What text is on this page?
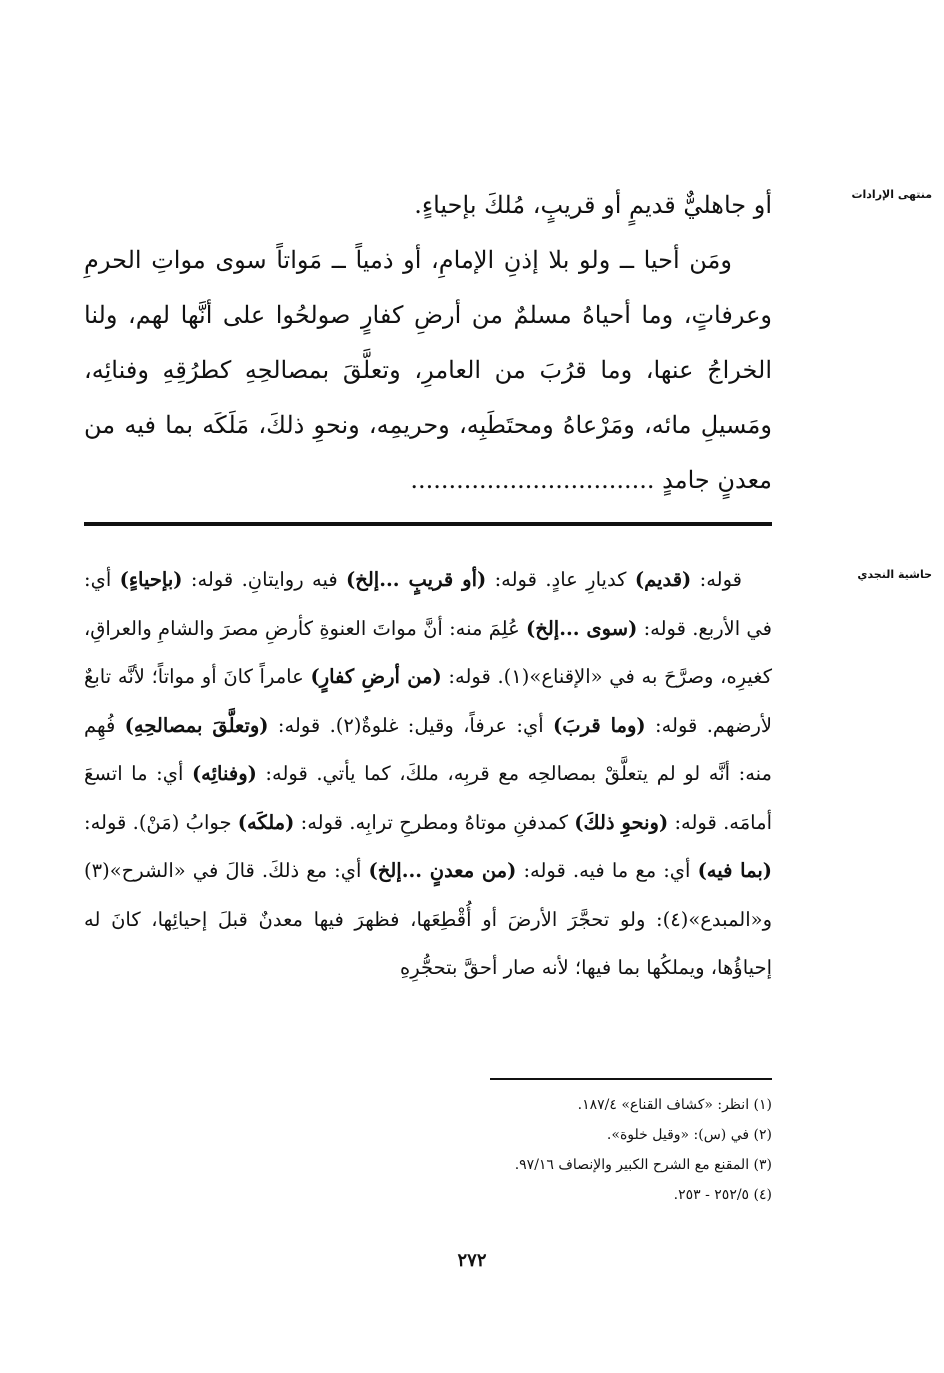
منتهى الإرادات
حاشية النجدي

أو جاهليٌّ قديمٍ أو قريبٍ، مُلكَ بإحياءٍ.

ومَن أحيا ــ ولو بلا إذنِ الإمامِ، أو ذمياً ــ مَواتاً سوى مواتِ الحرمِ وعرفاتٍ، وما أحياهُ مسلمٌ من أرضِ كفارٍ صولحُوا على أنَّها لهم، ولنا الخراجُ عنها، وما قرُبَ من العامرِ، وتعلَّقَ بمصالحِهِ كطرُقِهِ وفنائِه، ومَسيلِ مائه، ومَرْعاهُ ومحتَطَبِه، وحريمِه، ونحوِ ذلكَ، مَلَكَه بما فيه من معدنٍ جامدٍ ................................

قوله: (قديم) كديارِ عادٍ. قوله: (أو قريبٍ ...إلخ) فيه روايتانِ. قوله: (بإحياءٍ) أي: في الأربع. قوله: (سوى ...إلخ) عُلِمَ منه: أنَّ مواتَ العنوةِ كأرضِ مصرَ والشامِ والعراقِ، كغيرِه، وصرَّحَ به في «الإقناع»(١). قوله: (من أرضِ كفارٍ) عامراً كانَ أو مواتاً؛ لأنَّه تابعٌ لأرضهم. قوله: (وما قربَ) أي: عرفاً، وقيل: غلوةٌ(٢). قوله: (وتعلَّقَ بمصالحِهِ) فُهِم منه: أنَّه لو لم يتعلَّقْ بمصالحِه مع قربِه، ملكَ، كما يأتي. قوله: (وفنائِه) أي: ما اتسعَ أمامَه. قوله: (ونحوِ ذلكَ) كمدفنِ موتاهُ ومطرحِ ترابِه. قوله: (ملكَه) جوابُ (مَنْ). قوله: (بما فيه) أي: مع ما فيه. قوله: (من معدنٍ ...إلخ) أي: مع ذلكَ. قالَ في «الشرح»(٣) و«المبدع»(٤): ولو تحجَّرَ الأرضَ أو أُقْطِعَها، فظهرَ فيها معدنٌ قبلَ إحيائِها، كانَ له إحياؤُها، ويملكُها بما فيها؛ لأنه صار أحقَّ بتحجُّرِهِ

(١) انظر: «كشاف القناع» ١٨٧/٤.
(٢) في (س): «وقيل خلوة».
(٣) المقنع مع الشرح الكبير والإنصاف ٩٧/١٦.
(٤) ٢٥٢/٥ - ٢٥٣.
٢٧٢
